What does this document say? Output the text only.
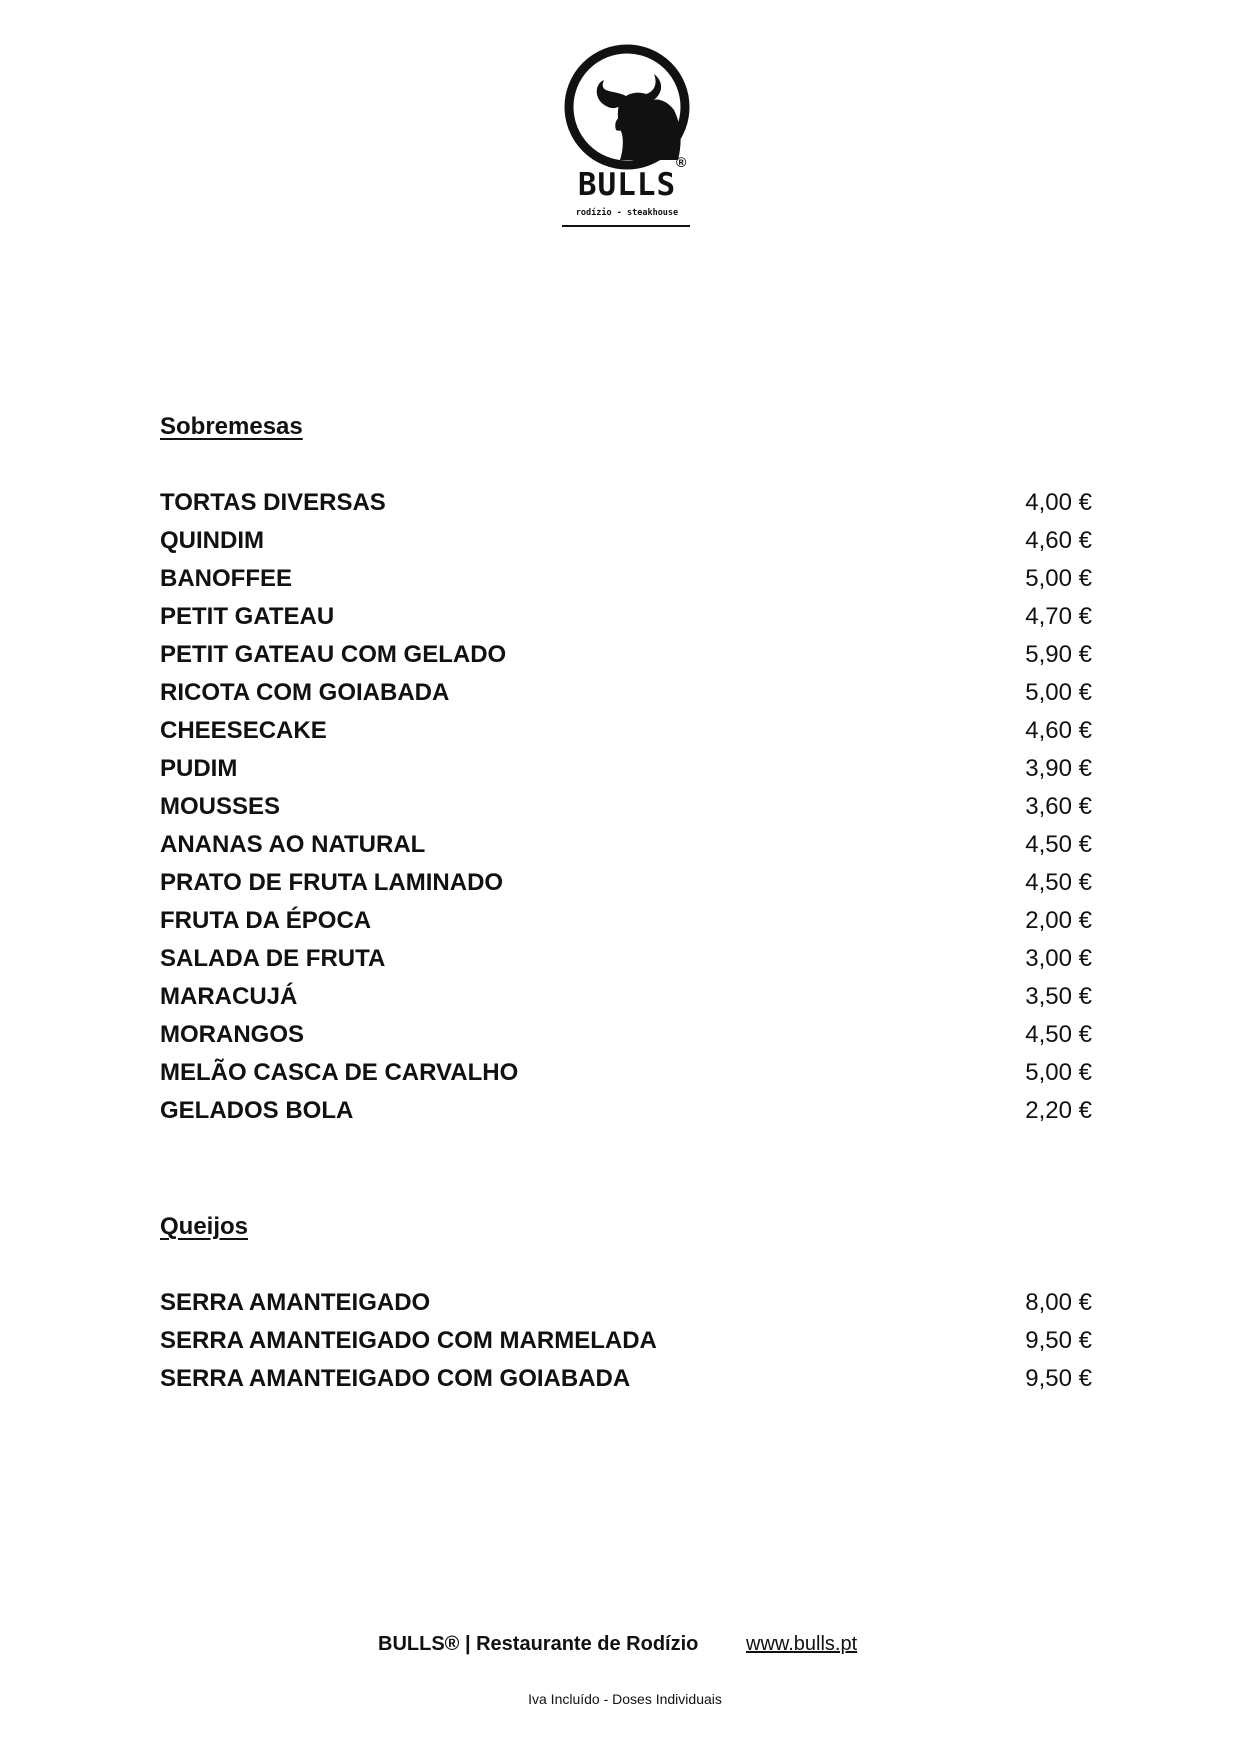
®
BULLS
rodízio - steakhouse
Sobremesas
TORTAS DIVERSAS	4,00 €
QUINDIM	4,60 €
BANOFFEE	5,00 €
PETIT GATEAU	4,70 €
PETIT GATEAU COM GELADO	5,90 €
RICOTA COM GOIABADA	5,00 €
CHEESECAKE	4,60 €
PUDIM	3,90 €
MOUSSES	3,60 €
ANANAS AO NATURAL	4,50 €
PRATO DE FRUTA LAMINADO	4,50 €
FRUTA DA ÉPOCA	2,00 €
SALADA DE FRUTA	3,00 €
MARACUJÁ	3,50 €
MORANGOS	4,50 €
MELÃO CASCA DE CARVALHO	5,00 €
GELADOS BOLA	2,20 €
Queijos
SERRA AMANTEIGADO	8,00 €
SERRA AMANTEIGADO COM MARMELADA	9,50 €
SERRA AMANTEIGADO COM GOIABADA	9,50 €
BULLS® | Restaurante de Rodízio www.bulls.pt
Iva Incluído - Doses Individuais
